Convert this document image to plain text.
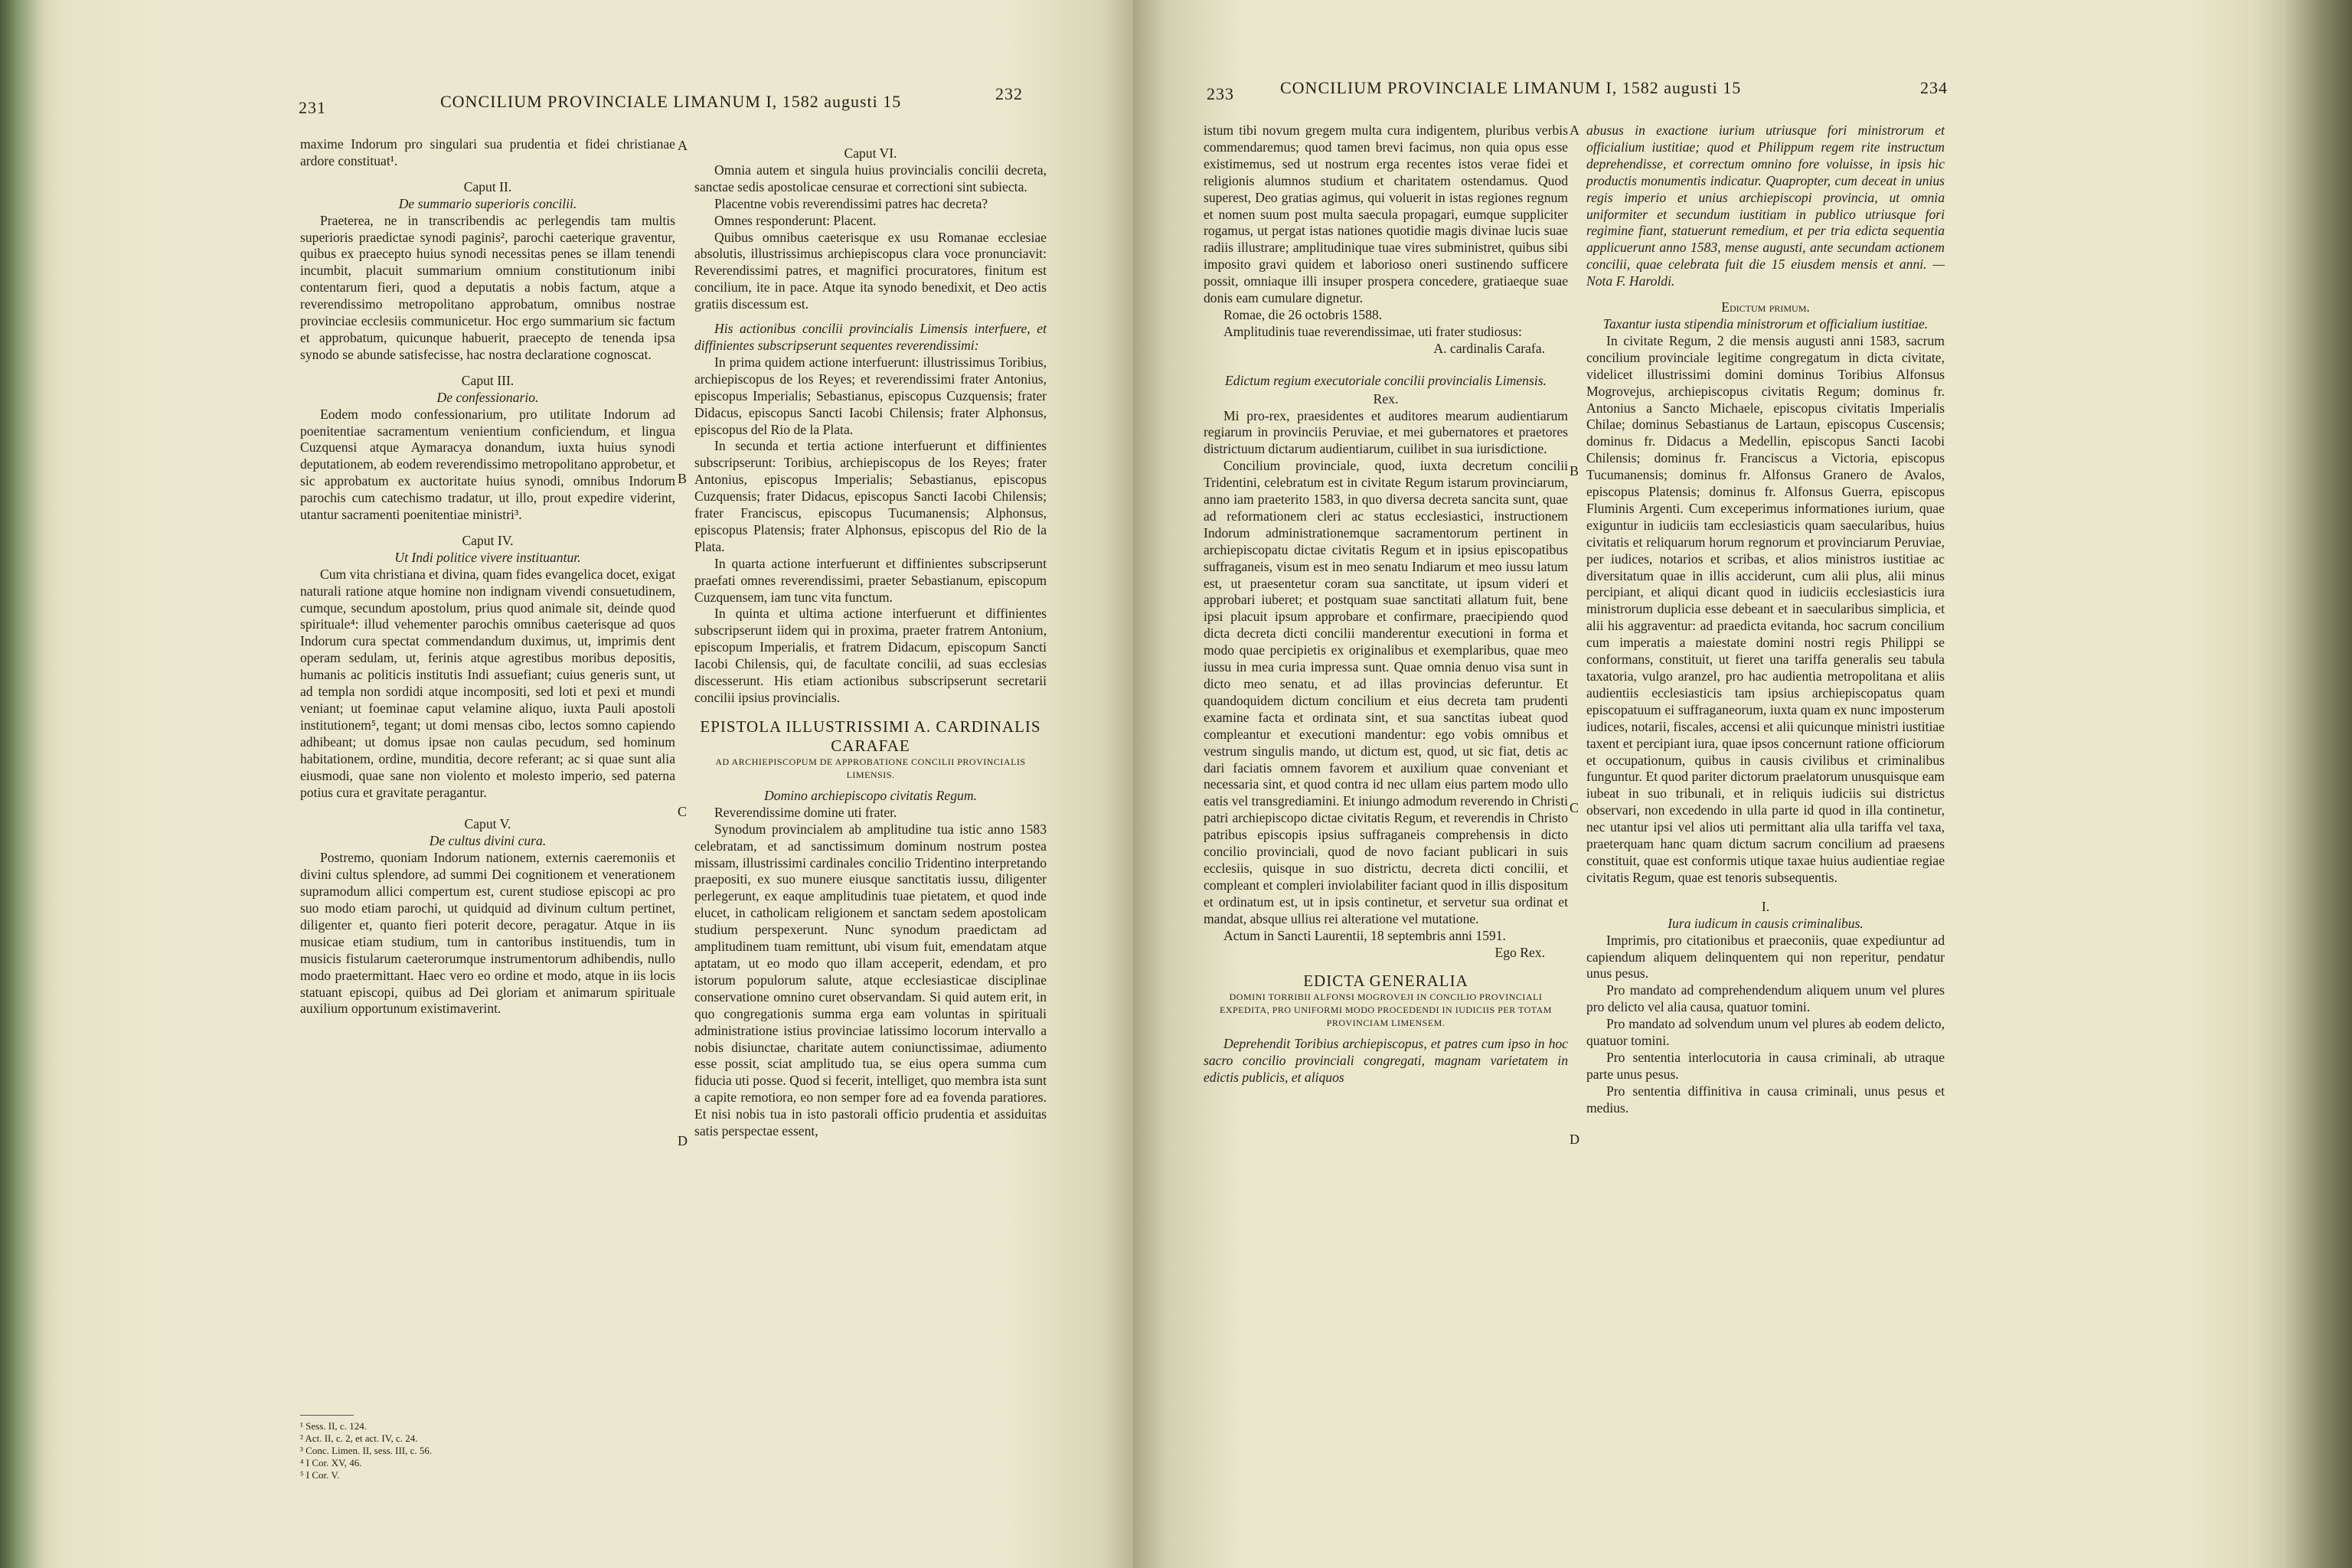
231	CONCILIUM PROVINCIALE LIMANUM I, 1582 augusti 15	232

maxime Indorum pro singulari sua prudentia et fidei christianae ardore constituat¹.

Caput II.

De summario superioris concilii.

Praeterea, ne in transcribendis ac perlegendis tam multis superioris praedictae synodi paginis², parochi caeterique graventur, quibus ex praecepto huius synodi necessitas penes se illam tenendi incumbit, placuit summarium omnium constitutionum inibi contentarum fieri, quod a deputatis a nobis factum, atque a reverendissimo metropolitano approbatum, omnibus nostrae provinciae ecclesiis communicetur. Hoc ergo summarium sic factum et approbatum, quicunque habuerit, praecepto de tenenda ipsa synodo se abunde satisfecisse, hac nostra declaratione cognoscat.

Caput III.

De confessionario.

Eodem modo confessionarium, pro utilitate Indorum ad poenitentiae sacramentum venientium conficiendum, et lingua Cuzquensi atque Aymaracya donandum, iuxta huius synodi deputationem, ab eodem reverendissimo metropolitano approbetur, et sic approbatum ex auctoritate huius synodi, omnibus Indorum parochis cum catechismo tradatur, ut illo, prout expedire viderint, utantur sacramenti poenitentiae ministri³.

Caput IV.

Ut Indi politice vivere instituantur.

Cum vita christiana et divina, quam fides evangelica docet, exigat naturali ratione atque homine non indignam vivendi consuetudinem, cumque, secundum apostolum, prius quod animale sit, deinde quod spirituale⁴: illud vehementer parochis omnibus caeterisque ad quos Indorum cura spectat commendandum duximus, ut, imprimis dent operam sedulam, ut, ferinis atque agrestibus moribus depositis, humanis ac politicis institutis Indi assuefiant; cuius generis sunt, ut ad templa non sordidi atque incompositi, sed loti et pexi et mundi veniant; ut foeminae caput velamine aliquo, iuxta Pauli apostoli institutionem⁵, tegant; ut domi mensas cibo, lectos somno capiendo adhibeant; ut domus ipsae non caulas pecudum, sed hominum habitationem, ordine, munditia, decore referant; ac si quae sunt alia eiusmodi, quae sane non violento et molesto imperio, sed paterna potius cura et gravitate peragantur.

Caput V.

De cultus divini cura.

Postremo, quoniam Indorum nationem, externis caeremoniis et divini cultus splendore, ad summi Dei cognitionem et venerationem supramodum allici compertum est, curent studiose episcopi ac pro suo modo etiam parochi, ut quidquid ad divinum cultum pertinet, diligenter et, quanto fieri poterit decore, peragatur. Atque in iis musicae etiam studium, tum in cantoribus instituendis, tum in musicis fistularum caeterorumque instrumentorum adhibendis, nullo modo praetermittant. Haec vero eo ordine et modo, atque in iis locis statuant episcopi, quibus ad Dei gloriam et animarum spirituale auxilium opportunum existimaverint.

¹ Sess. II, c. 124.
² Act. II, c. 2, et act. IV, c. 24.
³ Conc. Limen. II, sess. III, c. 56.
⁴ I Cor. XV, 46.
⁵ I Cor. V.
A
B
C
D

Caput VI.

Omnia autem et singula huius provincialis concilii decreta, sanctae sedis apostolicae censurae et correctioni sint subiecta.

Placentne vobis reverendissimi patres hac decreta?

Omnes responderunt: Placent.

Quibus omnibus caeterisque ex usu Romanae ecclesiae absolutis, illustrissimus archiepiscopus clara voce pronunciavit: Reverendissimi patres, et magnifici procuratores, finitum est concilium, ite in pace. Atque ita synodo benedixit, et Deo actis gratiis discessum est.

His actionibus concilii provincialis Limensis interfuere, et diffinientes subscripserunt sequentes reverendissimi:

In prima quidem actione interfuerunt: illustrissimus Toribius, archiepiscopus de los Reyes; et reverendissimi frater Antonius, episcopus Imperialis; Sebastianus, episcopus Cuzquensis; frater Didacus, episcopus Sancti Iacobi Chilensis; frater Alphonsus, episcopus del Rio de la Plata.

In secunda et tertia actione interfuerunt et diffinientes subscripserunt: Toribius, archiepiscopus de los Reyes; frater Antonius, episcopus Imperialis; Sebastianus, episcopus Cuzquensis; frater Didacus, episcopus Sancti Iacobi Chilensis; frater Franciscus, episcopus Tucumanensis; Alphonsus, episcopus Platensis; frater Alphonsus, episcopus del Rio de la Plata.

In quarta actione interfuerunt et diffinientes subscripserunt praefati omnes reverendissimi, praeter Sebastianum, episcopum Cuzquensem, iam tunc vita functum.

In quinta et ultima actione interfuerunt et diffinientes subscripserunt iidem qui in proxima, praeter fratrem Antonium, episcopum Imperialis, et fratrem Didacum, episcopum Sancti Iacobi Chilensis, qui, de facultate concilii, ad suas ecclesias discesserunt. His etiam actionibus subscripserunt secretarii concilii ipsius provincialis.

EPISTOLA ILLUSTRISSIMI A. CARDINALIS CARAFAE

AD ARCHIEPISCOPUM DE APPROBATIONE CONCILII PROVINCIALIS LIMENSIS.

Domino archiepiscopo civitatis Regum.

Reverendissime domine uti frater.

Synodum provincialem ab amplitudine tua istic anno 1583 celebratam, et ad sanctissimum dominum nostrum postea missam, illustrissimi cardinales concilio Tridentino interpretando praepositi, ex suo munere eiusque sanctitatis iussu, diligenter perlegerunt, ex eaque amplitudinis tuae pietatem, et quod inde elucet, in catholicam religionem et sanctam sedem apostolicam studium perspexerunt. Nunc synodum praedictam ad amplitudinem tuam remittunt, ubi visum fuit, emendatam atque aptatam, ut eo modo quo illam acceperit, edendam, et pro istorum populorum salute, atque ecclesiasticae disciplinae conservatione omnino curet observandam. Si quid autem erit, in quo congregationis summa erga eam voluntas in spirituali administratione istius provinciae latissimo locorum intervallo a nobis disiunctae, charitate autem coniunctissimae, adiumento esse possit, sciat amplitudo tua, se eius opera summa cum fiducia uti posse. Quod si fecerit, intelliget, quo membra ista sunt a capite remotiora, eo non semper fore ad ea fovenda paratiores. Et nisi nobis tua in isto pastorali officio prudentia et assiduitas satis perspectae essent,

233	CONCILIUM PROVINCIALE LIMANUM I, 1582 augusti 15	234

istum tibi novum gregem multa cura indigentem, pluribus verbis commendaremus; quod tamen brevi facimus, non quia opus esse existimemus, sed ut nostrum erga recentes istos verae fidei et religionis alumnos studium et charitatem ostendamus. Quod superest, Deo gratias agimus, qui voluerit in istas regiones regnum et nomen suum post multa saecula propagari, eumque suppliciter rogamus, ut pergat istas nationes quotidie magis divinae lucis suae radiis illustrare; amplitudinique tuae vires subministret, quibus sibi imposito gravi quidem et laborioso oneri sustinendo sufficere possit, omniaque illi insuper prospera concedere, gratiaeque suae donis eam cumulare dignetur.

Romae, die 26 octobris 1588.

Amplitudinis tuae reverendissimae, uti frater studiosus:

A. cardinalis Carafa.

Edictum regium executoriale concilii provincialis Limensis.

Rex.

Mi pro-rex, praesidentes et auditores mearum audientiarum regiarum in provinciis Peruviae, et mei gubernatores et praetores districtuum dictarum audientiarum, cuilibet in sua iurisdictione.

Concilium provinciale, quod, iuxta decretum concilii Tridentini, celebratum est in civitate Regum istarum provinciarum, anno iam praeterito 1583, in quo diversa decreta sancita sunt, quae ad reformationem cleri ac status ecclesiastici, instructionem Indorum administrationemque sacramentorum pertinent in archiepiscopatu dictae civitatis Regum et in ipsius episcopatibus suffraganeis, visum est in meo senatu Indiarum et meo iussu latum est, ut praesentetur coram sua sanctitate, ut ipsum videri et approbari iuberet; et postquam suae sanctitati allatum fuit, bene ipsi placuit ipsum approbare et confirmare, praecipiendo quod dicta decreta dicti concilii manderentur executioni in forma et modo quae percipietis ex originalibus et exemplaribus, quae meo iussu in mea curia impressa sunt. Quae omnia denuo visa sunt in dicto meo senatu, et ad illas provincias deferuntur. Et quandoquidem dictum concilium et eius decreta tam prudenti examine facta et ordinata sint, et sua sanctitas iubeat quod compleantur et executioni mandentur: ego vobis omnibus et vestrum singulis mando, ut dictum est, quod, ut sic fiat, detis ac dari faciatis omnem favorem et auxilium quae conveniant et necessaria sint, et quod contra id nec ullam eius partem modo ullo eatis vel transgrediamini. Et iniungo admodum reverendo in Christi patri archiepiscopo dictae civitatis Regum, et reverendis in Christo patribus episcopis ipsius suffraganeis comprehensis in dicto concilio provinciali, quod de novo faciant publicari in suis ecclesiis, quisque in suo districtu, decreta dicti concilii, et compleant et compleri inviolabiliter faciant quod in illis dispositum et ordinatum est, ut in ipsis continetur, et servetur sua ordinat et mandat, absque ullius rei alteratione vel mutatione.

Actum in Sancti Laurentii, 18 septembris anni 1591.

Ego Rex.

EDICTA GENERALIA

DOMINI TORRIBII ALFONSI MOGROVEJI IN CONCILIO PROVINCIALI EXPEDITA, PRO UNIFORMI MODO PROCEDENDI IN IUDICIIS PER TOTAM PROVINCIAM LIMENSEM.

Deprehendit Toribius archiepiscopus, et patres cum ipso in hoc sacro concilio provinciali congregati, magnam varietatem in edictis publicis, et aliquos

A
B
C
D

abusus in exactione iurium utriusque fori ministrorum et officialium iustitiae; quod et Philippum regem rite instructum deprehendisse, et correctum omnino fore voluisse, in ipsis hic productis monumentis indicatur. Quapropter, cum deceat in unius regis imperio et unius archiepiscopi provincia, ut omnia uniformiter et secundum iustitiam in publico utriusque fori regimine fiant, statuerunt remedium, et per tria edicta sequentia applicuerunt anno 1583, mense augusti, ante secundam actionem concilii, quae celebrata fuit die 15 eiusdem mensis et anni. — Nota F. Haroldi.

Edictum primum.

Taxantur iusta stipendia ministrorum et officialium iustitiae.

In civitate Regum, 2 die mensis augusti anni 1583, sacrum concilium provinciale legitime congregatum in dicta civitate, videlicet illustrissimi domini dominus Toribius Alfonsus Mogrovejus, archiepiscopus civitatis Regum; dominus fr. Antonius a Sancto Michaele, episcopus civitatis Imperialis Chilae; dominus Sebastianus de Lartaun, episcopus Cuscensis; dominus fr. Didacus a Medellin, episcopus Sancti Iacobi Chilensis; dominus fr. Franciscus a Victoria, episcopus Tucumanensis; dominus fr. Alfonsus Granero de Avalos, episcopus Platensis; dominus fr. Alfonsus Guerra, episcopus Fluminis Argenti. Cum exceperimus informationes iurium, quae exiguntur in iudiciis tam ecclesiasticis quam saecularibus, huius civitatis et reliquarum horum regnorum et provinciarum Peruviae, per iudices, notarios et scribas, et alios ministros iustitiae ac diversitatum quae in illis acciderunt, cum alii plus, alii minus percipiant, et aliqui dicant quod in iudiciis ecclesiasticis iura ministrorum duplicia esse debeant et in saecularibus simplicia, et alii his aggraventur: ad praedicta evitanda, hoc sacrum concilium cum imperatis a maiestate domini nostri regis Philippi se conformans, constituit, ut fieret una tariffa generalis seu tabula taxatoria, vulgo aranzel, pro hac audientia metropolitana et aliis audientiis ecclesiasticis tam ipsius archiepiscopatus quam episcopatuum ei suffraganeorum, iuxta quam ex nunc imposterum iudices, notarii, fiscales, accensi et alii quicunque ministri iustitiae taxent et percipiant iura, quae ipsos concernunt ratione officiorum et occupationum, quibus in causis civilibus et criminalibus funguntur. Et quod pariter dictorum praelatorum unusquisque eam iubeat in suo tribunali, et in reliquis iudiciis sui districtus observari, non excedendo in ulla parte id quod in illa continetur, nec utantur ipsi vel alios uti permittant alia ulla tariffa vel taxa, praeterquam hanc quam dictum sacrum concilium ad praesens constituit, quae est conformis utique taxae huius audientiae regiae civitatis Regum, quae est tenoris subsequentis.

I.

Iura iudicum in causis criminalibus.

Imprimis, pro citationibus et praeconiis, quae expediuntur ad capiendum aliquem delinquentem qui non reperitur, pendatur unus pesus.

Pro mandato ad comprehendendum aliquem unum vel plures pro delicto vel alia causa, quatuor tomini.

Pro mandato ad solvendum unum vel plures ab eodem delicto, quatuor tomini.

Pro sententia interlocutoria in causa criminali, ab utraque parte unus pesus.

Pro sententia diffinitiva in causa criminali, unus pesus et medius.
